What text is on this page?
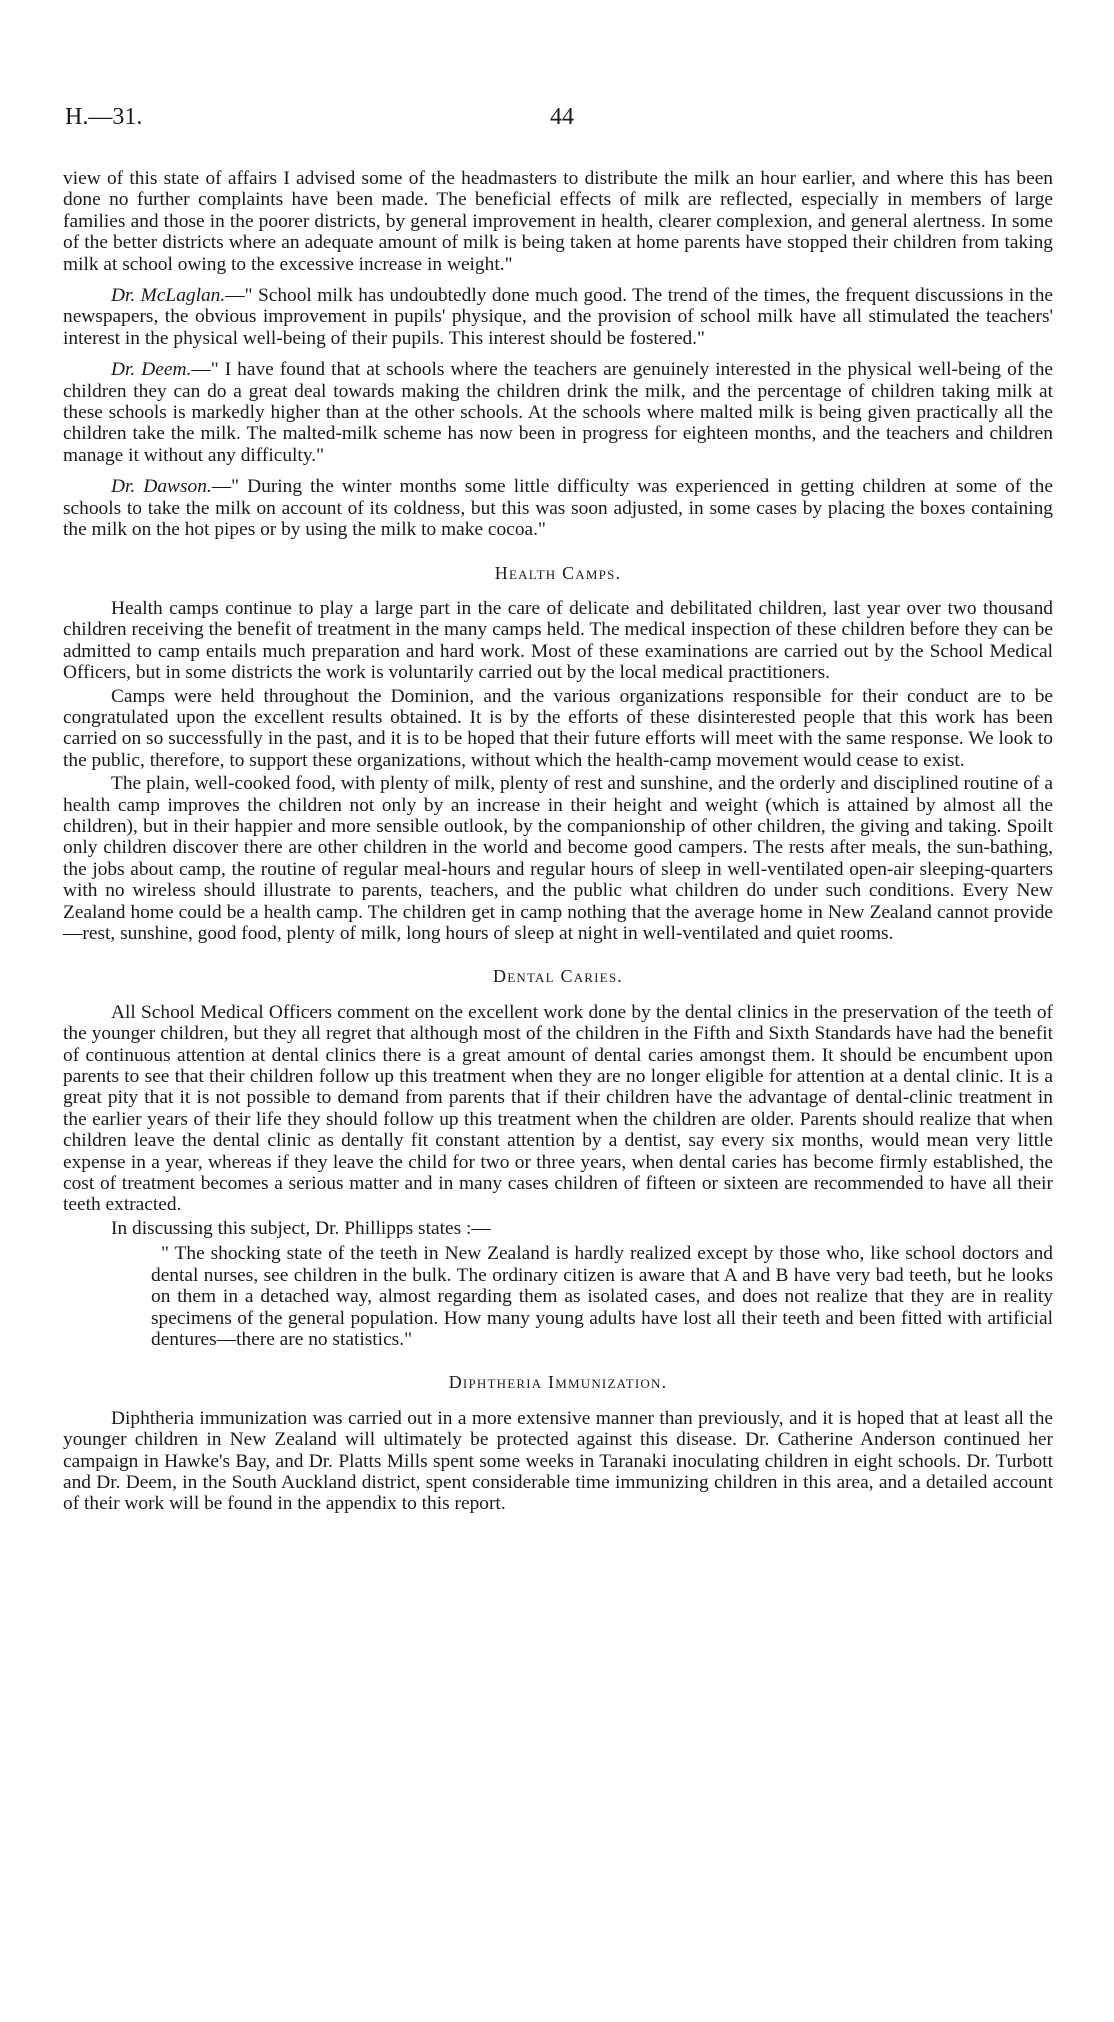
H.—31.	44

view of this state of affairs I advised some of the headmasters to distribute the milk an hour earlier, and where this has been done no further complaints have been made. The beneficial effects of milk are reflected, especially in members of large families and those in the poorer districts, by general improvement in health, clearer complexion, and general alertness. In some of the better districts where an adequate amount of milk is being taken at home parents have stopped their children from taking milk at school owing to the excessive increase in weight."

Dr. McLaglan.—" School milk has undoubtedly done much good. The trend of the times, the frequent discussions in the newspapers, the obvious improvement in pupils' physique, and the provision of school milk have all stimulated the teachers' interest in the physical well-being of their pupils. This interest should be fostered."

Dr. Deem.—" I have found that at schools where the teachers are genuinely interested in the physical well-being of the children they can do a great deal towards making the children drink the milk, and the percentage of children taking milk at these schools is markedly higher than at the other schools. At the schools where malted milk is being given practically all the children take the milk. The malted-milk scheme has now been in progress for eighteen months, and the teachers and children manage it without any difficulty."

Dr. Dawson.—" During the winter months some little difficulty was experienced in getting children at some of the schools to take the milk on account of its coldness, but this was soon adjusted, in some cases by placing the boxes containing the milk on the hot pipes or by using the milk to make cocoa."

Health Camps.

Health camps continue to play a large part in the care of delicate and debilitated children, last year over two thousand children receiving the benefit of treatment in the many camps held. The medical inspection of these children before they can be admitted to camp entails much preparation and hard work. Most of these examinations are carried out by the School Medical Officers, but in some districts the work is voluntarily carried out by the local medical practitioners.

Camps were held throughout the Dominion, and the various organizations responsible for their conduct are to be congratulated upon the excellent results obtained. It is by the efforts of these disinterested people that this work has been carried on so successfully in the past, and it is to be hoped that their future efforts will meet with the same response. We look to the public, therefore, to support these organizations, without which the health-camp movement would cease to exist.

The plain, well-cooked food, with plenty of milk, plenty of rest and sunshine, and the orderly and disciplined routine of a health camp improves the children not only by an increase in their height and weight (which is attained by almost all the children), but in their happier and more sensible outlook, by the companionship of other children, the giving and taking. Spoilt only children discover there are other children in the world and become good campers. The rests after meals, the sun-bathing, the jobs about camp, the routine of regular meal-hours and regular hours of sleep in well-ventilated open-air sleeping-quarters with no wireless should illustrate to parents, teachers, and the public what children do under such conditions. Every New Zealand home could be a health camp. The children get in camp nothing that the average home in New Zealand cannot provide—rest, sunshine, good food, plenty of milk, long hours of sleep at night in well-ventilated and quiet rooms.

Dental Caries.

All School Medical Officers comment on the excellent work done by the dental clinics in the preservation of the teeth of the younger children, but they all regret that although most of the children in the Fifth and Sixth Standards have had the benefit of continuous attention at dental clinics there is a great amount of dental caries amongst them. It should be encumbent upon parents to see that their children follow up this treatment when they are no longer eligible for attention at a dental clinic. It is a great pity that it is not possible to demand from parents that if their children have the advantage of dental-clinic treatment in the earlier years of their life they should follow up this treatment when the children are older. Parents should realize that when children leave the dental clinic as dentally fit constant attention by a dentist, say every six months, would mean very little expense in a year, whereas if they leave the child for two or three years, when dental caries has become firmly established, the cost of treatment becomes a serious matter and in many cases children of fifteen or sixteen are recommended to have all their teeth extracted.

In discussing this subject, Dr. Phillipps states :—

" The shocking state of the teeth in New Zealand is hardly realized except by those who, like school doctors and dental nurses, see children in the bulk. The ordinary citizen is aware that A and B have very bad teeth, but he looks on them in a detached way, almost regarding them as isolated cases, and does not realize that they are in reality specimens of the general population. How many young adults have lost all their teeth and been fitted with artificial dentures—there are no statistics."

Diphtheria Immunization.

Diphtheria immunization was carried out in a more extensive manner than previously, and it is hoped that at least all the younger children in New Zealand will ultimately be protected against this disease. Dr. Catherine Anderson continued her campaign in Hawke's Bay, and Dr. Platts Mills spent some weeks in Taranaki inoculating children in eight schools. Dr. Turbott and Dr. Deem, in the South Auckland district, spent considerable time immunizing children in this area, and a detailed account of their work will be found in the appendix to this report.
